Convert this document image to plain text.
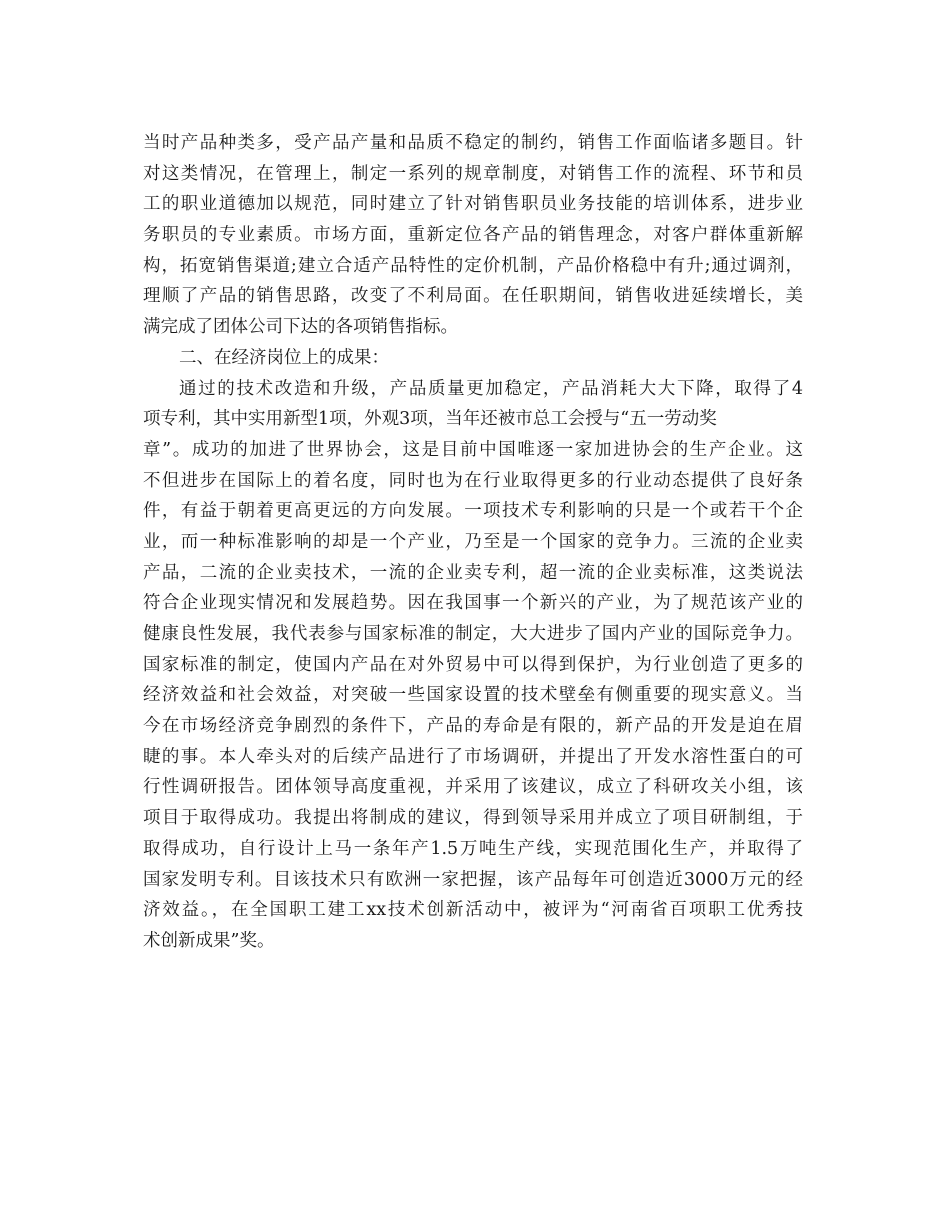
当时产品种类多，受产品产量和品质不稳定的制约，销售工作面临诸多题目。针
对这类情况，在管理上，制定一系列的规章制度，对销售工作的流程、环节和员
工的职业道德加以规范，同时建立了针对销售职员业务技能的培训体系，进步业
务职员的专业素质。市场方面，重新定位各产品的销售理念，对客户群体重新解
构，拓宽销售渠道;建立合适产品特性的定价机制，产品价格稳中有升;通过调剂，
理顺了产品的销售思路，改变了不利局面。在任职期间，销售收进延续增长，美
满完成了团体公司下达的各项销售指标。
二、在经济岗位上的成果：
通过的技术改造和升级，产品质量更加稳定，产品消耗大大下降，取得了4
项专利，其中实用新型1项，外观3项，当年还被市总工会授与“五一劳动奖
章”。成功的加进了世界协会，这是目前中国唯逐一家加进协会的生产企业。这
不但进步在国际上的着名度，同时也为在行业取得更多的行业动态提供了良好条
件，有益于朝着更高更远的方向发展。一项技术专利影响的只是一个或若干个企
业，而一种标准影响的却是一个产业，乃至是一个国家的竞争力。三流的企业卖
产品，二流的企业卖技术，一流的企业卖专利，超一流的企业卖标准，这类说法
符合企业现实情况和发展趋势。因在我国事一个新兴的产业，为了规范该产业的
健康良性发展，我代表参与国家标准的制定，大大进步了国内产业的国际竞争力。
国家标准的制定，使国内产品在对外贸易中可以得到保护，为行业创造了更多的
经济效益和社会效益，对突破一些国家设置的技术壁垒有侧重要的现实意义。当
今在市场经济竞争剧烈的条件下，产品的寿命是有限的，新产品的开发是迫在眉
睫的事。本人牵头对的后续产品进行了市场调研，并提出了开发水溶性蛋白的可
行性调研报告。团体领导高度重视，并采用了该建议，成立了科研攻关小组，该
项目于取得成功。我提出将制成的建议，得到领导采用并成立了项目研制组，于
取得成功，自行设计上马一条年产1.5万吨生产线，实现范围化生产，并取得了
国家发明专利。目该技术只有欧洲一家把握，该产品每年可创造近3000万元的经
济效益。，在全国职工建工xx技术创新活动中，被评为“河南省百项职工优秀技
术创新成果”奖。
